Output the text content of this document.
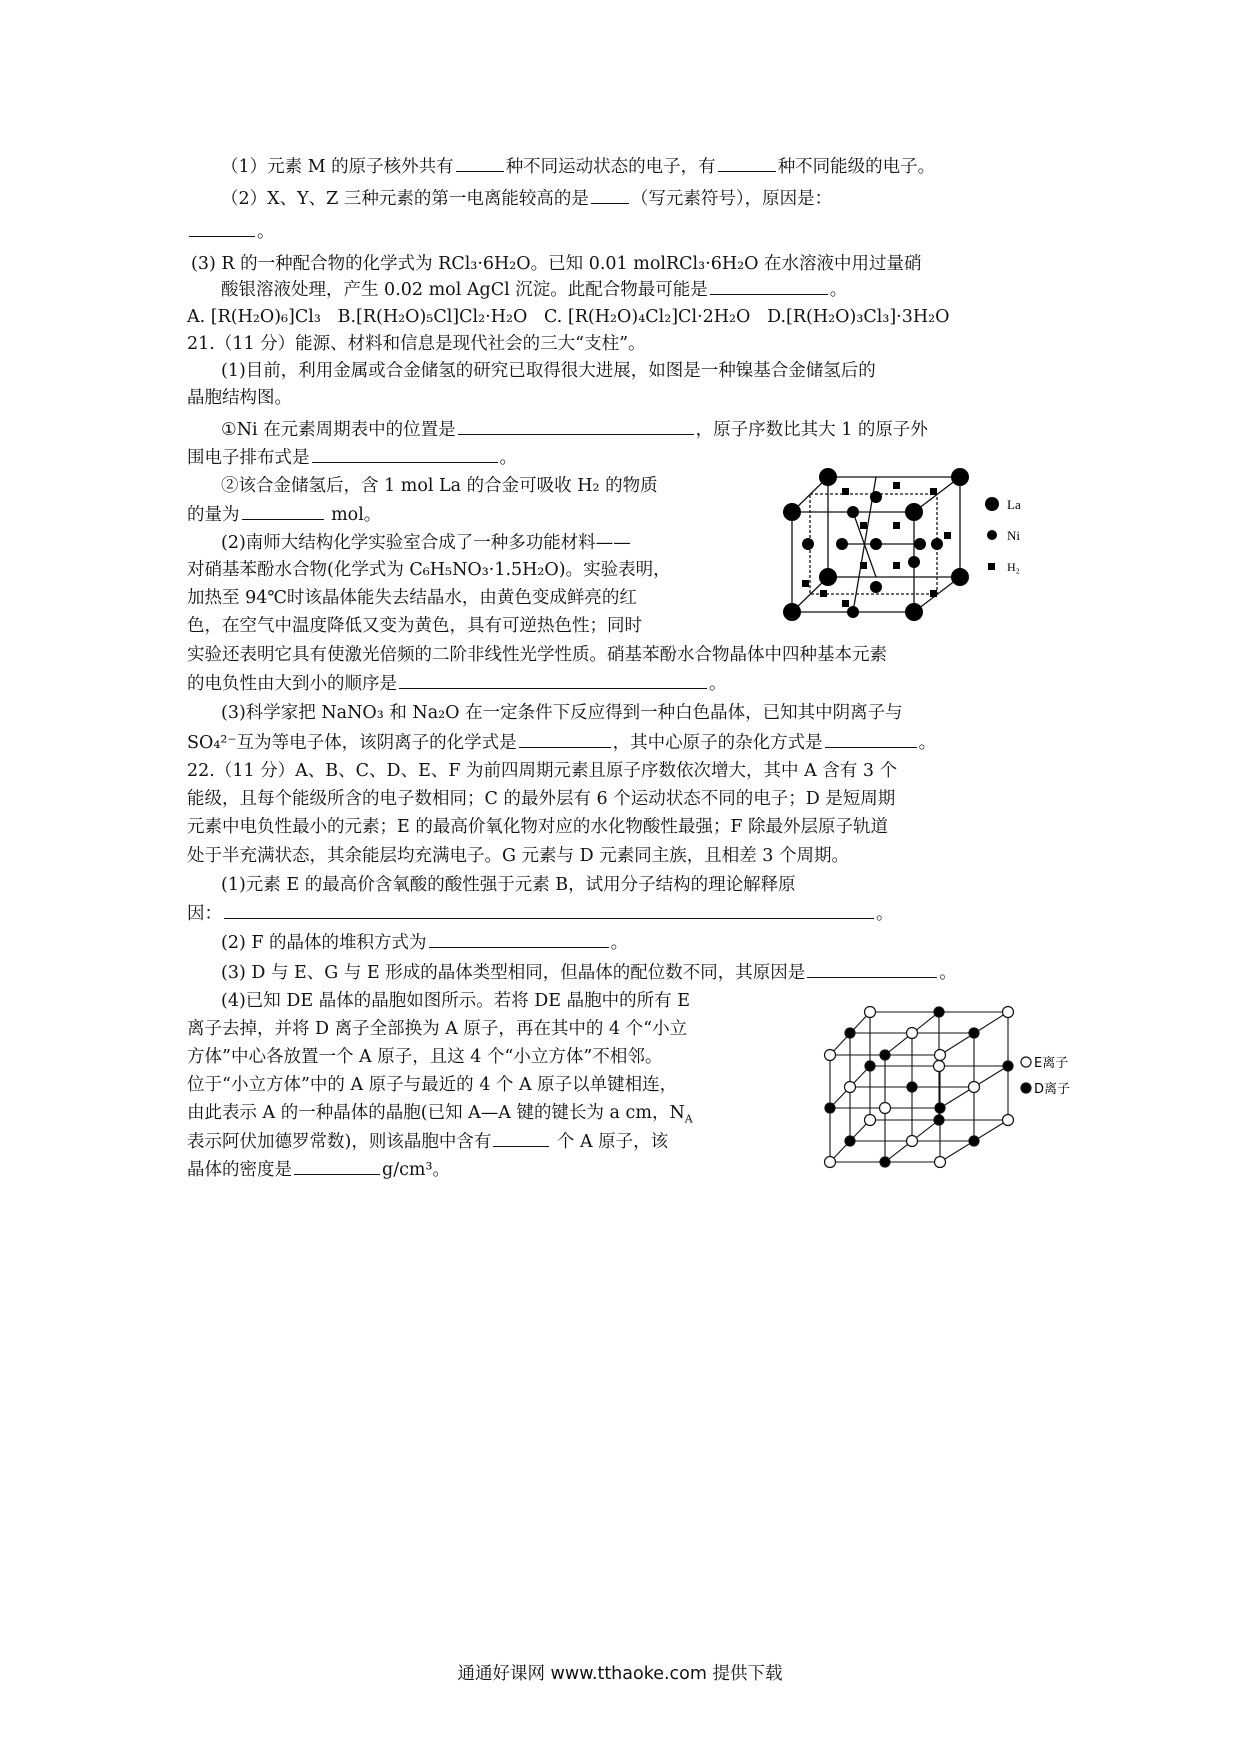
（1）元素 M 的原子核外共有	种不同运动状态的电子，有	种不同能级的电子。
（2）X、Y、Z 三种元素的第一电离能较高的是 （写元素符号），原因是：
。
(3) R 的一种配合物的化学式为 RCl₃·6H₂O。已知 0.01 molRCl₃·6H₂O 在水溶液中用过量硝
酸银溶液处理，产生 0.02 mol AgCl 沉淀。此配合物最可能是	。
A. [R(H₂O)₆]Cl₃ B.[R(H₂O)₅Cl]Cl₂·H₂O C. [R(H₂O)₄Cl₂]Cl·2H₂O D.[R(H₂O)₃Cl₃]·3H₂O
21.（11 分）能源、材料和信息是现代社会的三大“支柱”。
(1)目前，利用金属或合金储氢的研究已取得很大进展，如图是一种镍基合金储氢后的
晶胞结构图。
①Ni 在元素周期表中的位置是	，原子序数比其大 1 的原子外
围电子排布式是	。
②该合金储氢后，含 1 mol La 的合金可吸收 H₂ 的物质
的量为	mol。
(2)南师大结构化学实验室合成了一种多功能材料——
对硝基苯酚水合物(化学式为 C₆H₅NO₃·1.5H₂O)。实验表明，
加热至 94℃时该晶体能失去结晶水，由黄色变成鲜亮的红
色，在空气中温度降低又变为黄色，具有可逆热色性；同时
实验还表明它具有使激光倍频的二阶非线性光学性质。硝基苯酚水合物晶体中四种基本元素
的电负性由大到小的顺序是	。
(3)科学家把 NaNO₃ 和 Na₂O 在一定条件下反应得到一种白色晶体，已知其中阴离子与
SO₄²⁻互为等电子体，该阴离子的化学式是	，其中心原子的杂化方式是	。
La
Ni
H₂
22.（11 分）A、B、C、D、E、F 为前四周期元素且原子序数依次增大，其中 A 含有 3 个
能级，且每个能级所含的电子数相同；C 的最外层有 6 个运动状态不同的电子；D 是短周期
元素中电负性最小的元素；E 的最高价氧化物对应的水化物酸性最强；F 除最外层原子轨道
处于半充满状态，其余能层均充满电子。G 元素与 D 元素同主族，且相差 3 个周期。
(1)元素 E 的最高价含氧酸的酸性强于元素 B，试用分子结构的理论解释原
因：	。
(2) F 的晶体的堆积方式为	。
(3) D 与 E、G 与 E 形成的晶体类型相同，但晶体的配位数不同，其原因是	。
(4)已知 DE 晶体的晶胞如图所示。若将 DE 晶胞中的所有 E
离子去掉，并将 D 离子全部换为 A 原子，再在其中的 4 个“小立
方体”中心各放置一个 A 原子，且这 4 个“小立方体”不相邻。
位于“小立方体”中的 A 原子与最近的 4 个 A 原子以单键相连，
由此表示 A 的一种晶体的晶胞(已知 A—A 键的键长为 a cm，$N_A$
表示阿伏加德罗常数)，则该晶胞中含有	个 A 原子，该
晶体的密度是	g/cm³。
E离子
D离子
通通好课网 www.tthaoke.com 提供下载
